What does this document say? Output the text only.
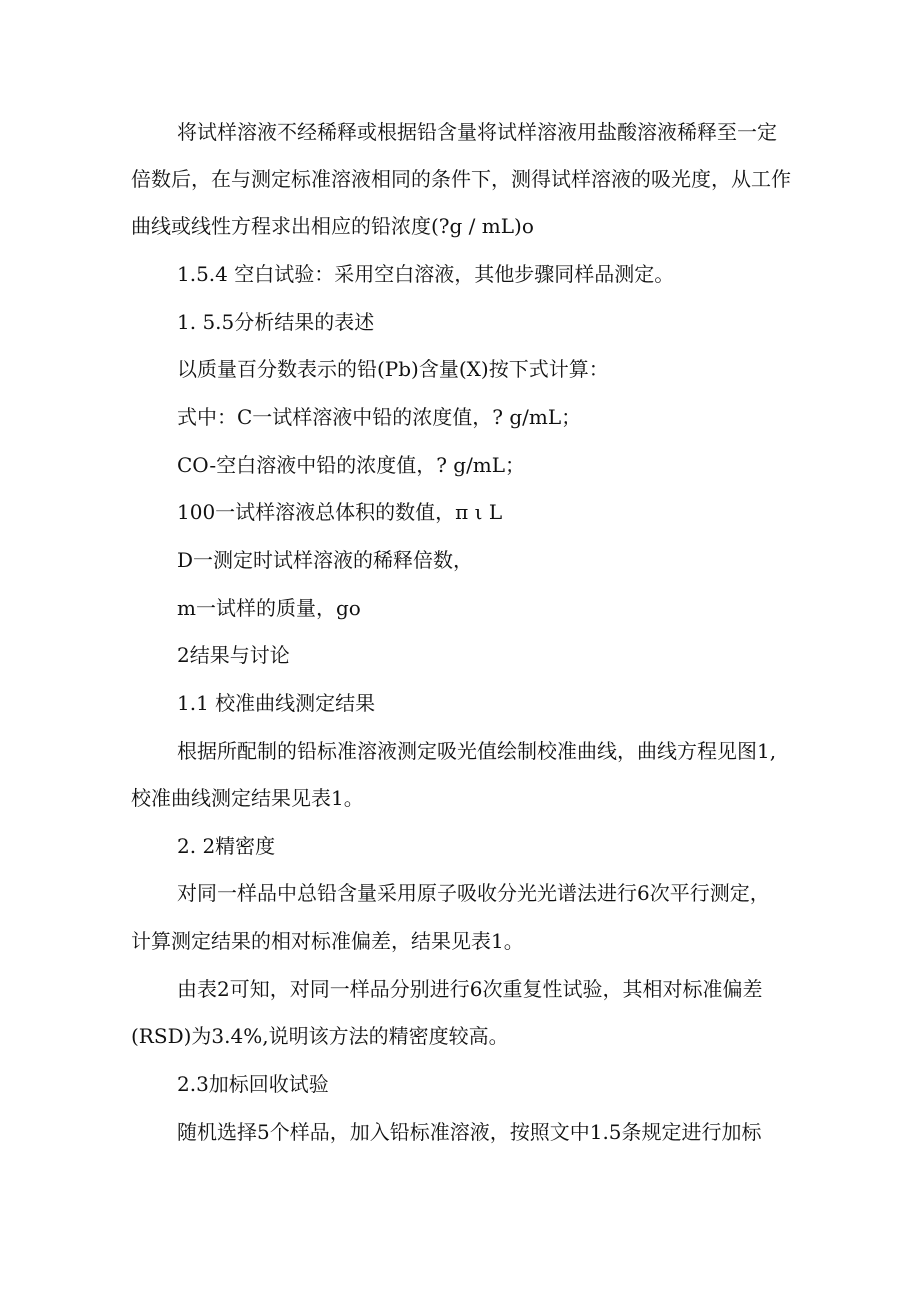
将试样溶液不经稀释或根据铅含量将试样溶液用盐酸溶液稀释至一定
倍数后，在与测定标准溶液相同的条件下，测得试样溶液的吸光度，从工作
曲线或线性方程求出相应的铅浓度(?g / mL)o
1.5.4 空白试验：采用空白溶液，其他步骤同样品测定。
1. 5.5分析结果的表述
以质量百分数表示的铅(Pb)含量(X)按下式计算：
式中：C一试样溶液中铅的浓度值，? g/mL；
CO-空白溶液中铅的浓度值，? g/mL；
100一试样溶液总体积的数值，π ι L
D一测定时试样溶液的稀释倍数，
m一试样的质量，go
2结果与讨论
1.1 校准曲线测定结果
根据所配制的铅标准溶液测定吸光值绘制校准曲线，曲线方程见图1,
校准曲线测定结果见表1。
2. 2精密度
对同一样品中总铅含量采用原子吸收分光光谱法进行6次平行测定，
计算测定结果的相对标准偏差，结果见表1。
由表2可知，对同一样品分别进行6次重复性试验，其相对标准偏差
(RSD)为3.4%,说明该方法的精密度较高。
2.3加标回收试验
随机选择5个样品，加入铅标准溶液，按照文中1.5条规定进行加标
